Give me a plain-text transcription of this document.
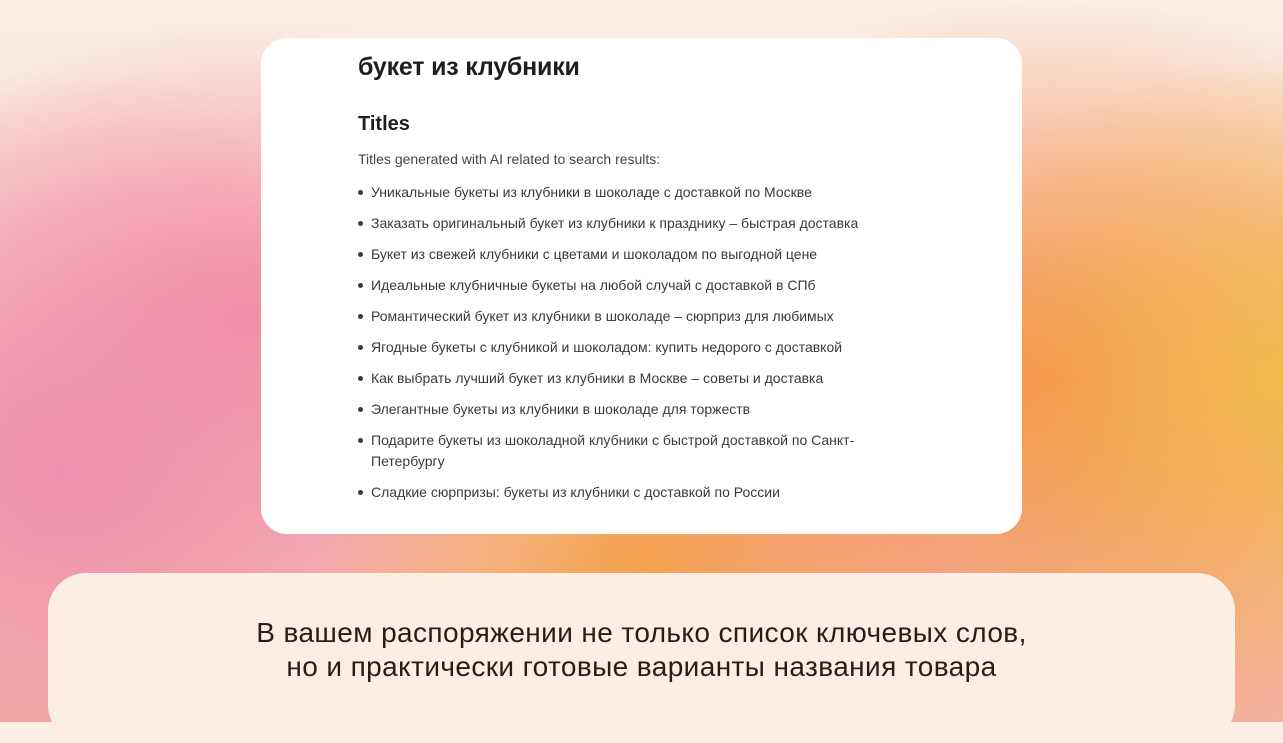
букет из клубники
Titles

Titles generated with AI related to search results:

Уникальные букеты из клубники в шоколаде с доставкой по Москве
Заказать оригинальный букет из клубники к празднику – быстрая доставка
Букет из свежей клубники с цветами и шоколадом по выгодной цене
Идеальные клубничные букеты на любой случай с доставкой в СПб
Романтический букет из клубники в шоколаде – сюрприз для любимых
Ягодные букеты с клубникой и шоколадом: купить недорого с доставкой
Как выбрать лучший букет из клубники в Москве – советы и доставка
Элегантные букеты из клубники в шоколаде для торжеств
Подарите букеты из шоколадной клубники с быстрой доставкой по Санкт-Петербургу
Сладкие сюрпризы: букеты из клубники с доставкой по России

В вашем распоряжении не только список ключевых слов,
но и практически готовые варианты названия товара
